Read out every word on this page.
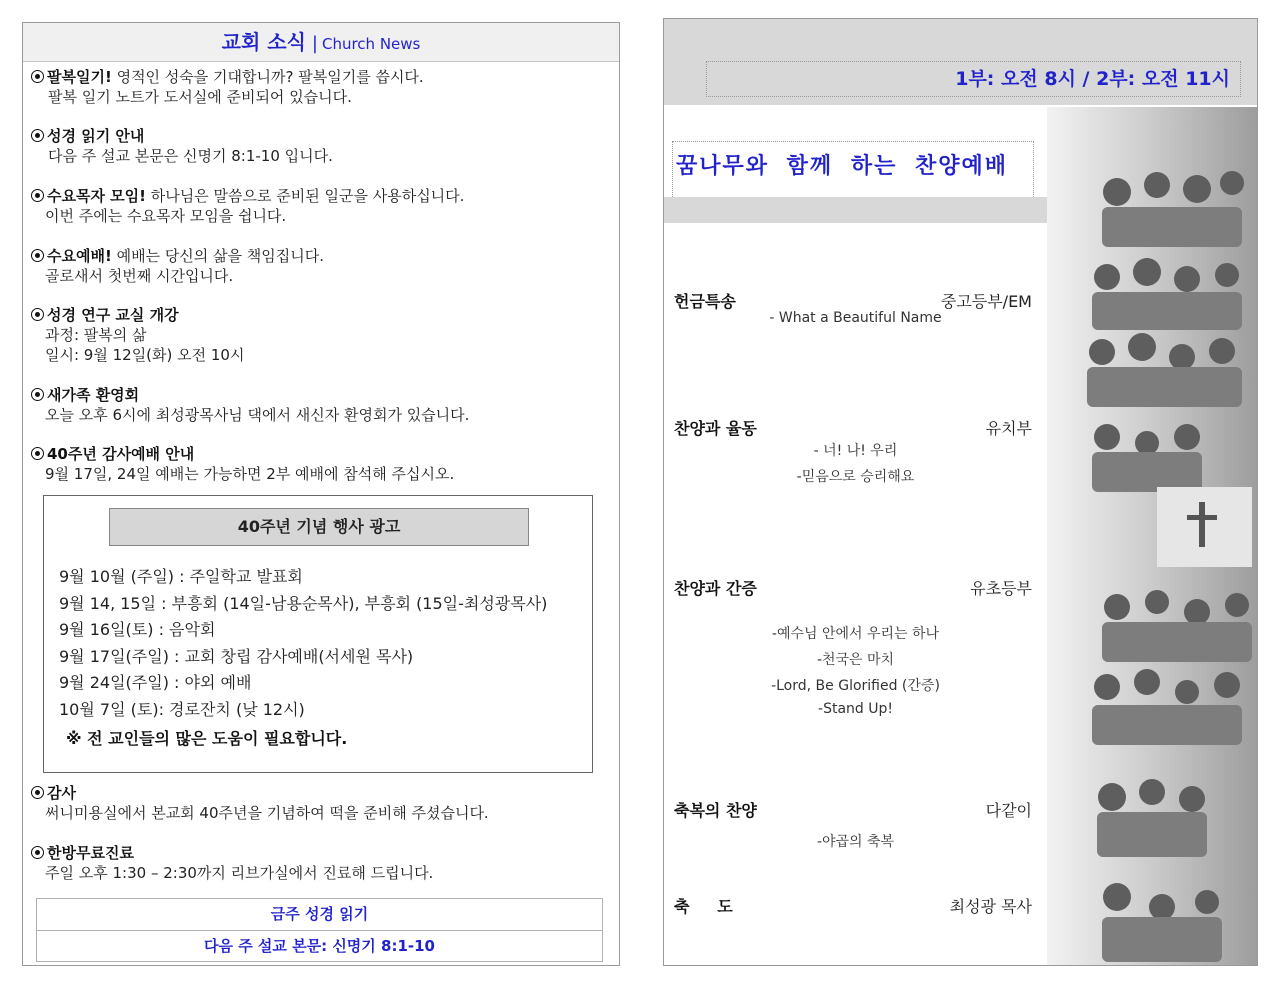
교회 소식 | Church News
팔복일기! 영적인 성숙을 기대합니까? 팔복일기를 씁시다.
팔복 일기 노트가 도서실에 준비되어 있습니다.
성경 읽기 안내
다음 주 설교 본문은 신명기 8:1-10 입니다.
수요목자 모임! 하나님은 말씀으로 준비된 일군을 사용하십니다.
이번 주에는 수요목자 모임을 쉽니다.
수요예배! 예배는 당신의 삶을 책임집니다.
골로새서 첫번째 시간입니다.
성경 연구 교실 개강
과정: 팔복의 삶
일시: 9월 12일(화) 오전 10시
새가족 환영회
오늘 오후 6시에 최성광목사님 댁에서 새신자 환영회가 있습니다.
40주년 감사예배 안내
9월 17일, 24일 예배는 가능하면 2부 예배에 참석해 주십시오.
40주년 기념 행사 광고
9월 10월 (주일) : 주일학교 발표회
9월 14, 15일 : 부흥회 (14일-남용순목사), 부흥회 (15일-최성광목사)
9월 16일(토) : 음악회
9월 17일(주일) : 교회 창립 감사예배(서세원 목사)
9월 24일(주일) : 야외 예배
10월 7일 (토): 경로잔치 (낮 12시)
※ 전 교인들의 많은 도움이 필요합니다.
감사
써니미용실에서 본교회 40주년을 기념하여 떡을 준비해 주셨습니다.
한방무료진료
주일 오후 1:30 – 2:30까지 리브가실에서 진료해 드립니다.
금주 성경 읽기
다음 주 설교 본문: 신명기 8:1-10
1부: 오전 8시 / 2부: 오전 11시
꿈나무와 함께 하는 찬양예배
헌금특송	중고등부/EM
- What a Beautiful Name
찬양과 율동	유치부
- 너! 나! 우리
-믿음으로 승리해요
찬양과 간증	유초등부
-예수님 안에서 우리는 하나
-천국은 마치
-Lord, Be Glorified (간증)
-Stand Up!
축복의 찬양	다같이
-야곱의 축복
축     도	최성광 목사
